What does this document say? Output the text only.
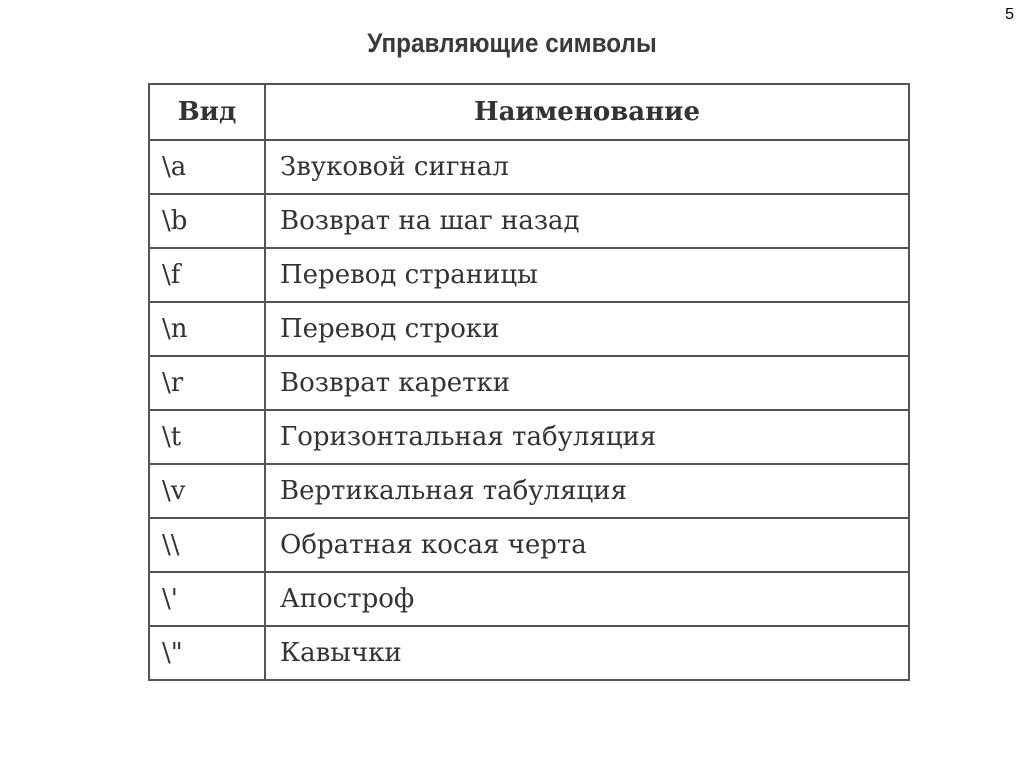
5
Управляющие символы
Вид	Наименование
\a	Звуковой сигнал
\b	Возврат на шаг назад
\f	Перевод страницы
\n	Перевод строки
\r	Возврат каретки
\t	Горизонтальная табуляция
\v	Вертикальная табуляция
\\	Обратная косая черта
\'	Апостроф
\"	Кавычки
